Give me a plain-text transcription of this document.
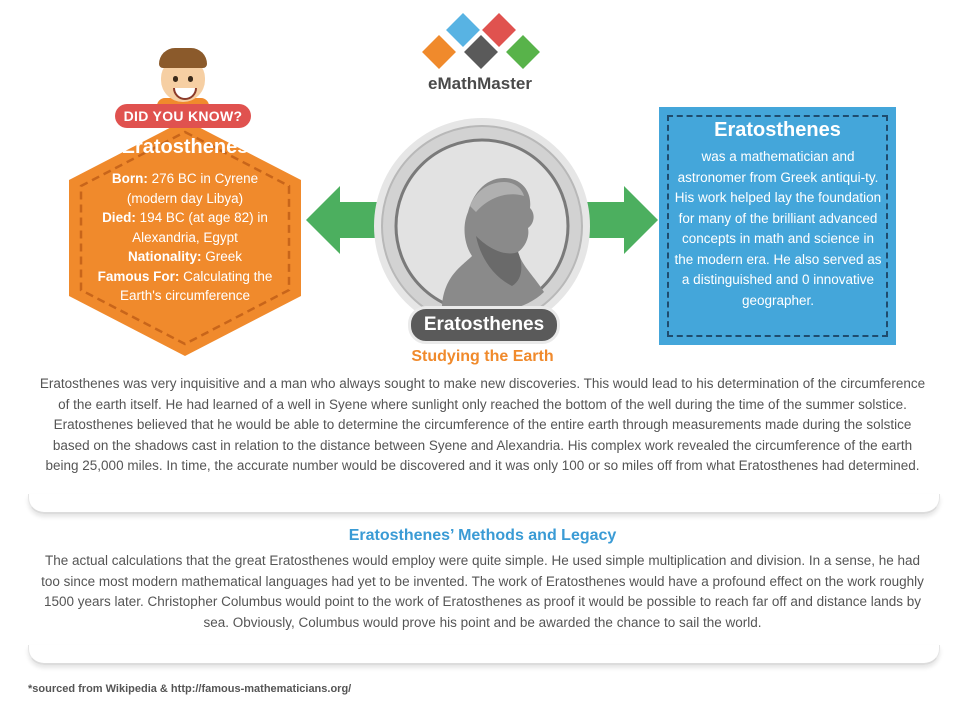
eMathMaster
DID YOU KNOW?
Eratosthenes
Born: 276 BC in Cyrene (modern day Libya)
Died: 194 BC (at age 82) in Alexandria, Egypt
Nationality: Greek
Famous For: Calculating the Earth's circumference
Eratosthenes
Eratosthenes
was a mathematician and astronomer from Greek antiqui-ty. His work helped lay the foundation for many of the brilliant advanced concepts in math and science in the modern era. He also served as a distinguished and 0 innovative geographer.
Studying the Earth
Eratosthenes was very inquisitive and a man who always sought to make new discoveries. This would lead to his determination of the circumference of the earth itself. He had learned of a well in Syene where sunlight only reached the bottom of the well during the time of the summer solstice. Eratosthenes believed that he would be able to determine the circumference of the entire earth through measurements made during the solstice based on the shadows cast in relation to the distance between Syene and Alexandria. His complex work revealed the circumference of the earth being 25,000 miles. In time, the accurate number would be discovered and it was only 100 or so miles off from what Eratosthenes had determined.
Eratosthenes’ Methods and Legacy
The actual calculations that the great Eratosthenes would employ were quite simple. He used simple multiplication and division. In a sense, he had too since most modern mathematical languages had yet to be invented. The work of Eratosthenes would have a profound effect on the work roughly 1500 years later. Christopher Columbus would point to the work of Eratosthenes as proof it would be possible to reach far off and distance lands by sea. Obviously, Columbus would prove his point and be awarded the chance to sail the world.
*sourced from Wikipedia & http://famous-mathematicians.org/
